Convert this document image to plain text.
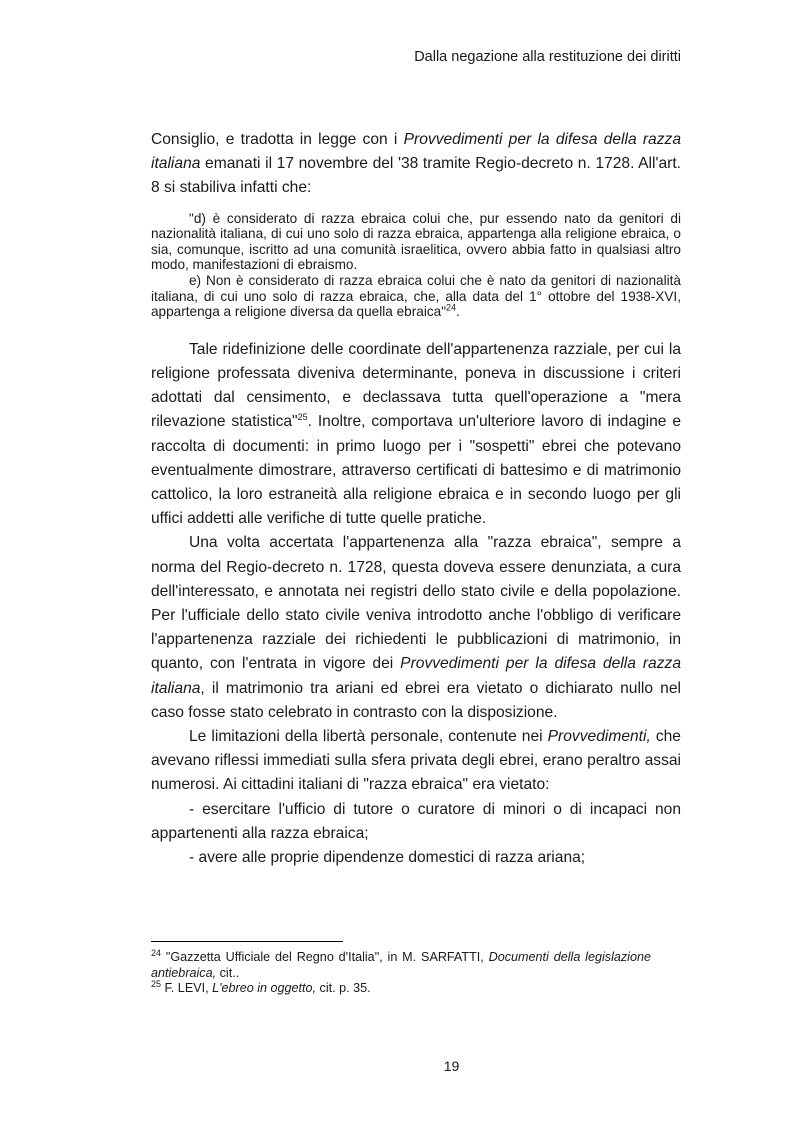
Dalla negazione alla restituzione dei diritti

Consiglio, e tradotta in legge con i Provvedimenti per la difesa della razza italiana emanati il 17 novembre del '38 tramite Regio-decreto n. 1728. All'art. 8 si stabiliva infatti che:

"d) è considerato di razza ebraica colui che, pur essendo nato da genitori di nazionalità italiana, di cui uno solo di razza ebraica, appartenga alla religione ebraica, o sia, comunque, iscritto ad una comunità israelitica, ovvero abbia fatto in qualsiasi altro modo, manifestazioni di ebraismo.

e) Non è considerato di razza ebraica colui che è nato da genitori di nazionalità italiana, di cui uno solo di razza ebraica, che, alla data del 1° ottobre del 1938-XVI, appartenga a religione diversa da quella ebraica"$^{24}$.

Tale ridefinizione delle coordinate dell'appartenenza razziale, per cui la religione professata diveniva determinante, poneva in discussione i criteri adottati dal censimento, e declassava tutta quell'operazione a "mera rilevazione statistica"$^{25}$. Inoltre, comportava un'ulteriore lavoro di indagine e raccolta di documenti: in primo luogo per i "sospetti" ebrei che potevano eventualmente dimostrare, attraverso certificati di battesimo e di matrimonio cattolico, la loro estraneità alla religione ebraica e in secondo luogo per gli uffici addetti alle verifiche di tutte quelle pratiche.

Una volta accertata l'appartenenza alla "razza ebraica", sempre a norma del Regio-decreto n. 1728, questa doveva essere denunziata, a cura dell'interessato, e annotata nei registri dello stato civile e della popolazione. Per l'ufficiale dello stato civile veniva introdotto anche l'obbligo di verificare l'appartenenza razziale dei richiedenti le pubblicazioni di matrimonio, in quanto, con l'entrata in vigore dei Provvedimenti per la difesa della razza italiana, il matrimonio tra ariani ed ebrei era vietato o dichiarato nullo nel caso fosse stato celebrato in contrasto con la disposizione.

Le limitazioni della libertà personale, contenute nei Provvedimenti, che avevano riflessi immediati sulla sfera privata degli ebrei, erano peraltro assai numerosi. Ai cittadini italiani di "razza ebraica" era vietato:

- esercitare l'ufficio di tutore o curatore di minori o di incapaci non appartenenti alla razza ebraica;

- avere alle proprie dipendenze domestici di razza ariana;

$^{24}$ "Gazzetta Ufficiale del Regno d'Italia", in M. SARFATTI, Documenti della legislazione antiebraica, cit..

$^{25}$ F. LEVI, L'ebreo in oggetto, cit. p. 35.

19
